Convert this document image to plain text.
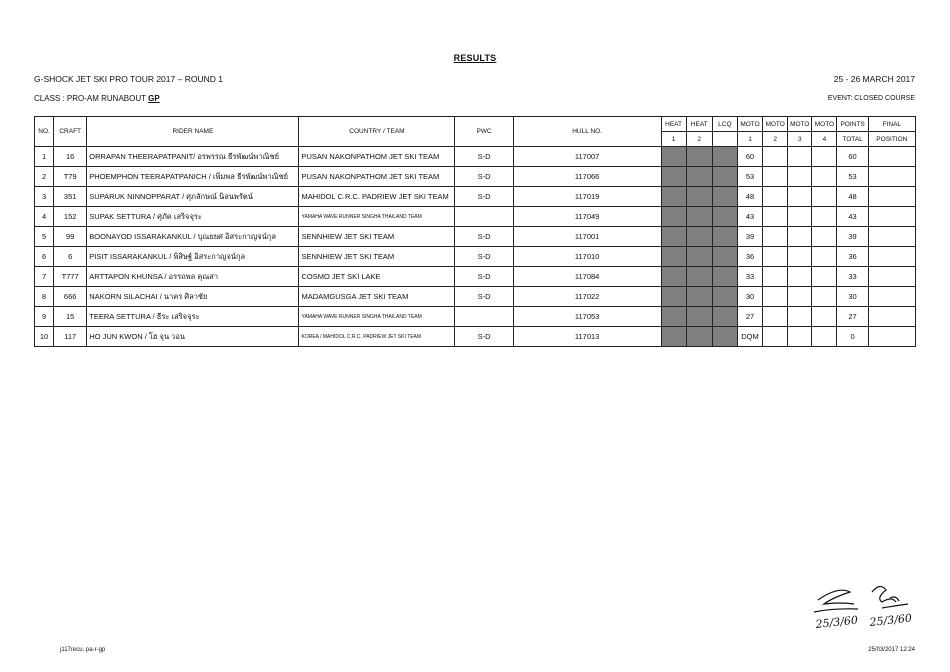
RESULTS
G-SHOCK JET SKI PRO TOUR 2017 – ROUND 1	25 - 26 MARCH 2017
CLASS : PRO-AM RUNABOUT GP	EVENT: CLOSED COURSE
NO.	CRAFT	RIDER NAME	COUNTRY / TEAM	PWC	HULL NO.	HEAT	HEAT	LCQ	MOTO	MOTO	MOTO	MOTO	POINTS	FINAL
						1	2		1	2	3	4	TOTAL	POSITION
1	16	ORRAPAN THEERAPATPANIT/ อรพรรณ ธีรพัฒน์พาณิชย์	PUSAN NAKONPATHOM JET SKI TEAM	S-D	117007				60				60	
2	T79	PHOEMPHON TEERAPATPANICH / เพิ่มพล ธีรพัฒน์พาณิชย์	PUSAN NAKONPATHOM JET SKI TEAM	S-D	117066				53				53	
3	351	SUPARUK NINNOPPARAT / ศุภลักษณ์ นิลนพรัตน์	MAHIDOL C.R.C. PADRIEW JET SKI TEAM	S-D	117019				48				48	
4	152	SUPAK SETTURA / ศุภัค เสริจจุระ	YAMAHA WAVE RUNNER SINGHA THAILAND TEAM		117049				43				43	
5	99	BOONAYOD ISSARAKANKUL / บุณยยศ อิสระกาญจน์กุล	SENNHIEW JET SKI TEAM	S-D	117001				39				39	
6	6	PISIT ISSARAKANKUL / พิสิษฐ์ อิสระกาญจน์กุล	SENNHIEW JET SKI TEAM	S-D	117010				36				36	
7	T777	ARTTAPON KHUNSA / อรรถพล คุณสา	COSMO JET SKI LAKE	S-D	117084				33				33	
8	666	NAKORN SILACHAI / นาคร ศิลาชัย	MADAMGUSGA JET SKI TEAM	S-D	117022				30				30	
9	15	TEERA SETTURA / ธีระ เสริจจุระ	YAMAHA WAVE RUNNER SINGHA THAILAND TEAM		117053				27				27	
10	117	HO JUN KWON / โฮ จุน วอน	KOREA / MAHIDOL C.R.C. PADRIEW JET SKI TEAM	S-D	117013				DQM				0	
25/3/60 25/3/60
j117recu. pa-r-gp	25/03/2017 12:24
